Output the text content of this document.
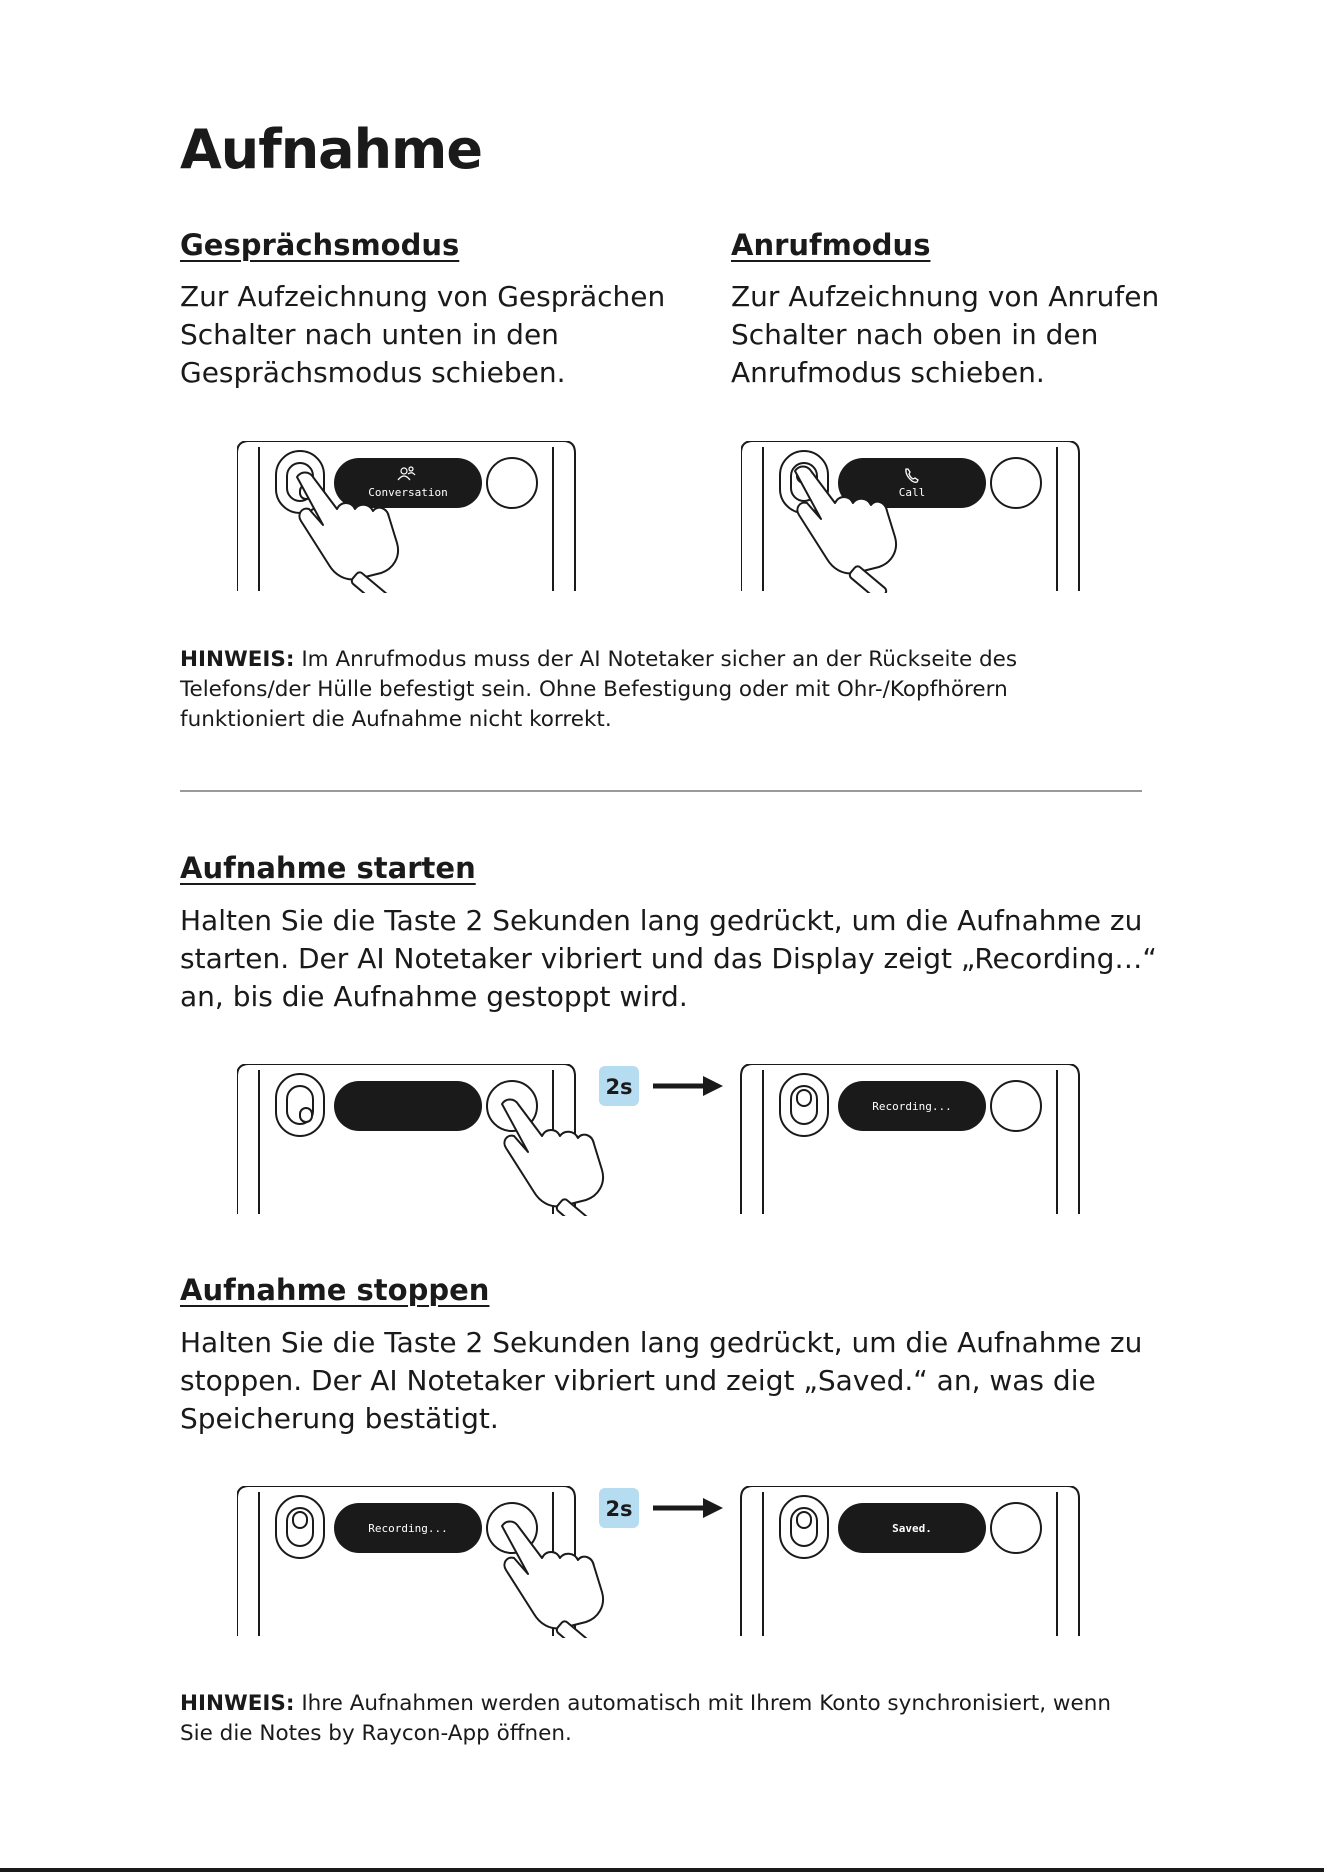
Aufnahme
Gesprächsmodus
Zur Aufzeichnung von Gesprächen Schalter nach unten in den Gesprächsmodus schieben.
Anrufmodus
Zur Aufzeichnung von Anrufen Schalter nach oben in den Anrufmodus schieben.
Conversation	Call
HINWEIS: Im Anrufmodus muss der AI Notetaker sicher an der Rückseite des Telefons/der Hülle befestigt sein. Ohne Befestigung oder mit Ohr-/Kopfhörern funktioniert die Aufnahme nicht korrekt.
Aufnahme starten
Halten Sie die Taste 2 Sekunden lang gedrückt, um die Aufnahme zu starten. Der AI Notetaker vibriert und das Display zeigt „Recording…“ an, bis die Aufnahme gestoppt wird.
2s
Recording...
Aufnahme stoppen
Halten Sie die Taste 2 Sekunden lang gedrückt, um die Aufnahme zu stoppen. Der AI Notetaker vibriert und zeigt „Saved.“ an, was die Speicherung bestätigt.
Recording...
2s
Saved.
HINWEIS: Ihre Aufnahmen werden automatisch mit Ihrem Konto synchronisiert, wenn Sie die Notes by Raycon-App öffnen.
